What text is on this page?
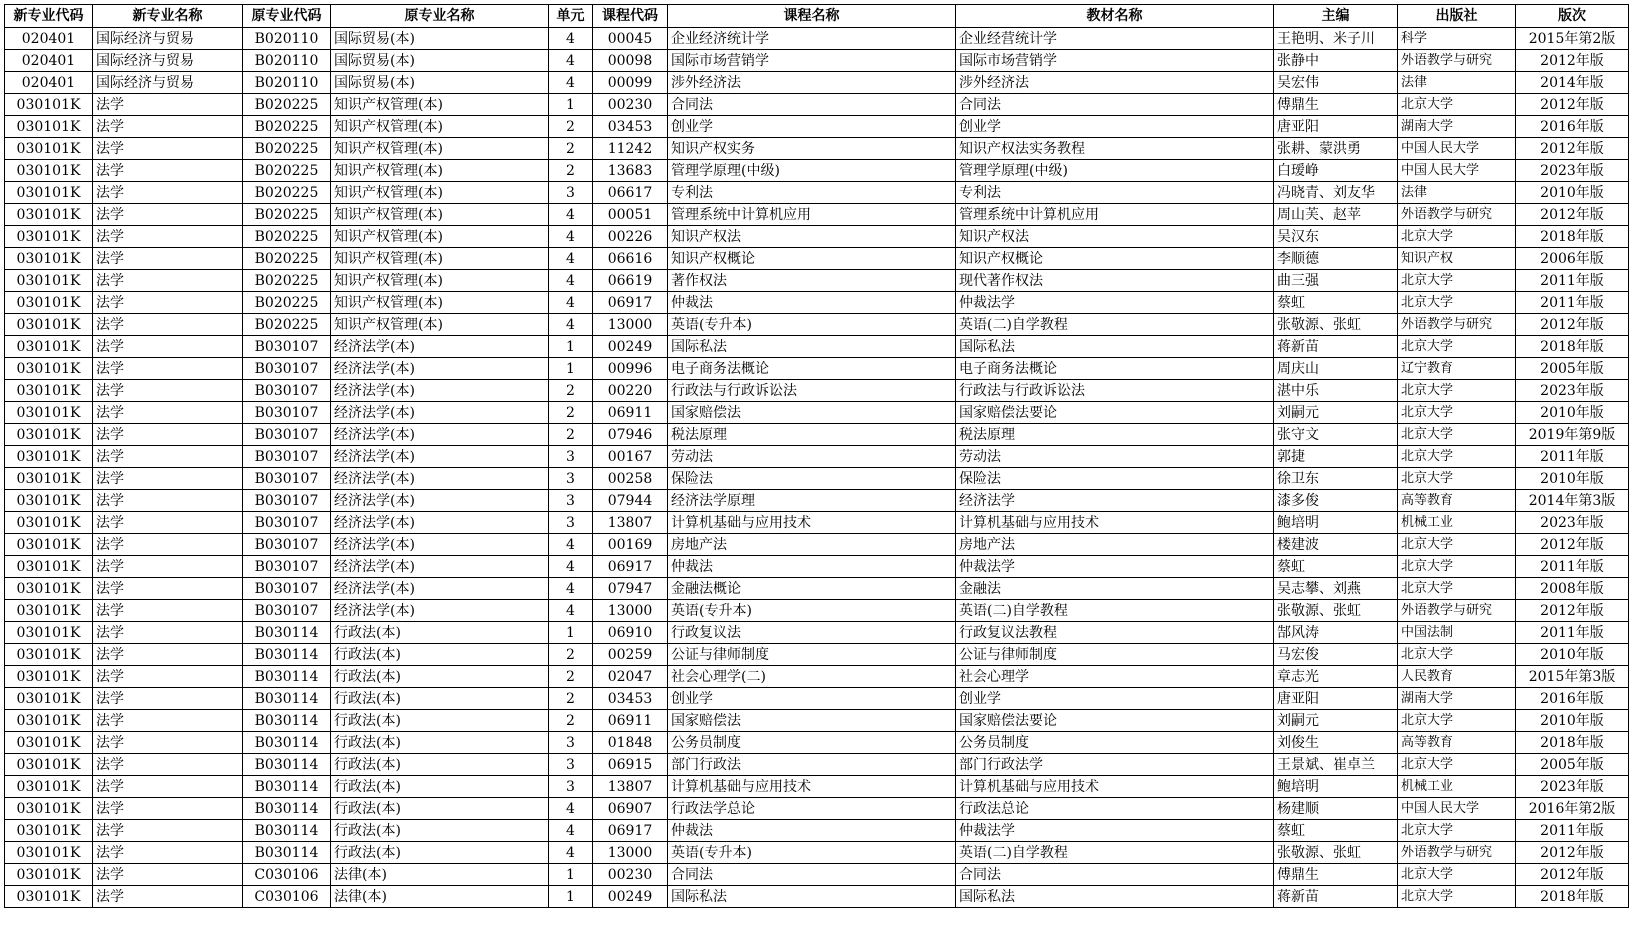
新专业代码	新专业名称	原专业代码	原专业名称	单元	课程代码	课程名称	教材名称	主编	出版社	版次
020401	国际经济与贸易	B020110	国际贸易(本)	4	00045	企业经济统计学	企业经营统计学	王艳明、米子川	科学	2015年第2版
020401	国际经济与贸易	B020110	国际贸易(本)	4	00098	国际市场营销学	国际市场营销学	张静中	外语教学与研究	2012年版
020401	国际经济与贸易	B020110	国际贸易(本)	4	00099	涉外经济法	涉外经济法	吴宏伟	法律	2014年版
030101K	法学	B020225	知识产权管理(本)	1	00230	合同法	合同法	傅鼎生	北京大学	2012年版
030101K	法学	B020225	知识产权管理(本)	2	03453	创业学	创业学	唐亚阳	湖南大学	2016年版
030101K	法学	B020225	知识产权管理(本)	2	11242	知识产权实务	知识产权法实务教程	张耕、蒙洪勇	中国人民大学	2012年版
030101K	法学	B020225	知识产权管理(本)	2	13683	管理学原理(中级)	管理学原理(中级)	白瑷峥	中国人民大学	2023年版
030101K	法学	B020225	知识产权管理(本)	3	06617	专利法	专利法	冯晓青、刘友华	法律	2010年版
030101K	法学	B020225	知识产权管理(本)	4	00051	管理系统中计算机应用	管理系统中计算机应用	周山芙、赵苹	外语教学与研究	2012年版
030101K	法学	B020225	知识产权管理(本)	4	00226	知识产权法	知识产权法	吴汉东	北京大学	2018年版
030101K	法学	B020225	知识产权管理(本)	4	06616	知识产权概论	知识产权概论	李顺德	知识产权	2006年版
030101K	法学	B020225	知识产权管理(本)	4	06619	著作权法	现代著作权法	曲三强	北京大学	2011年版
030101K	法学	B020225	知识产权管理(本)	4	06917	仲裁法	仲裁法学	蔡虹	北京大学	2011年版
030101K	法学	B020225	知识产权管理(本)	4	13000	英语(专升本)	英语(二)自学教程	张敬源、张虹	外语教学与研究	2012年版
030101K	法学	B030107	经济法学(本)	1	00249	国际私法	国际私法	蒋新苗	北京大学	2018年版
030101K	法学	B030107	经济法学(本)	1	00996	电子商务法概论	电子商务法概论	周庆山	辽宁教育	2005年版
030101K	法学	B030107	经济法学(本)	2	00220	行政法与行政诉讼法	行政法与行政诉讼法	湛中乐	北京大学	2023年版
030101K	法学	B030107	经济法学(本)	2	06911	国家赔偿法	国家赔偿法要论	刘嗣元	北京大学	2010年版
030101K	法学	B030107	经济法学(本)	2	07946	税法原理	税法原理	张守文	北京大学	2019年第9版
030101K	法学	B030107	经济法学(本)	3	00167	劳动法	劳动法	郭捷	北京大学	2011年版
030101K	法学	B030107	经济法学(本)	3	00258	保险法	保险法	徐卫东	北京大学	2010年版
030101K	法学	B030107	经济法学(本)	3	07944	经济法学原理	经济法学	漆多俊	高等教育	2014年第3版
030101K	法学	B030107	经济法学(本)	3	13807	计算机基础与应用技术	计算机基础与应用技术	鲍培明	机械工业	2023年版
030101K	法学	B030107	经济法学(本)	4	00169	房地产法	房地产法	楼建波	北京大学	2012年版
030101K	法学	B030107	经济法学(本)	4	06917	仲裁法	仲裁法学	蔡虹	北京大学	2011年版
030101K	法学	B030107	经济法学(本)	4	07947	金融法概论	金融法	吴志攀、刘燕	北京大学	2008年版
030101K	法学	B030107	经济法学(本)	4	13000	英语(专升本)	英语(二)自学教程	张敬源、张虹	外语教学与研究	2012年版
030101K	法学	B030114	行政法(本)	1	06910	行政复议法	行政复议法教程	郜风涛	中国法制	2011年版
030101K	法学	B030114	行政法(本)	2	00259	公证与律师制度	公证与律师制度	马宏俊	北京大学	2010年版
030101K	法学	B030114	行政法(本)	2	02047	社会心理学(二)	社会心理学	章志光	人民教育	2015年第3版
030101K	法学	B030114	行政法(本)	2	03453	创业学	创业学	唐亚阳	湖南大学	2016年版
030101K	法学	B030114	行政法(本)	2	06911	国家赔偿法	国家赔偿法要论	刘嗣元	北京大学	2010年版
030101K	法学	B030114	行政法(本)	3	01848	公务员制度	公务员制度	刘俊生	高等教育	2018年版
030101K	法学	B030114	行政法(本)	3	06915	部门行政法	部门行政法学	王景斌、崔卓兰	北京大学	2005年版
030101K	法学	B030114	行政法(本)	3	13807	计算机基础与应用技术	计算机基础与应用技术	鲍培明	机械工业	2023年版
030101K	法学	B030114	行政法(本)	4	06907	行政法学总论	行政法总论	杨建顺	中国人民大学	2016年第2版
030101K	法学	B030114	行政法(本)	4	06917	仲裁法	仲裁法学	蔡虹	北京大学	2011年版
030101K	法学	B030114	行政法(本)	4	13000	英语(专升本)	英语(二)自学教程	张敬源、张虹	外语教学与研究	2012年版
030101K	法学	C030106	法律(本)	1	00230	合同法	合同法	傅鼎生	北京大学	2012年版
030101K	法学	C030106	法律(本)	1	00249	国际私法	国际私法	蒋新苗	北京大学	2018年版
